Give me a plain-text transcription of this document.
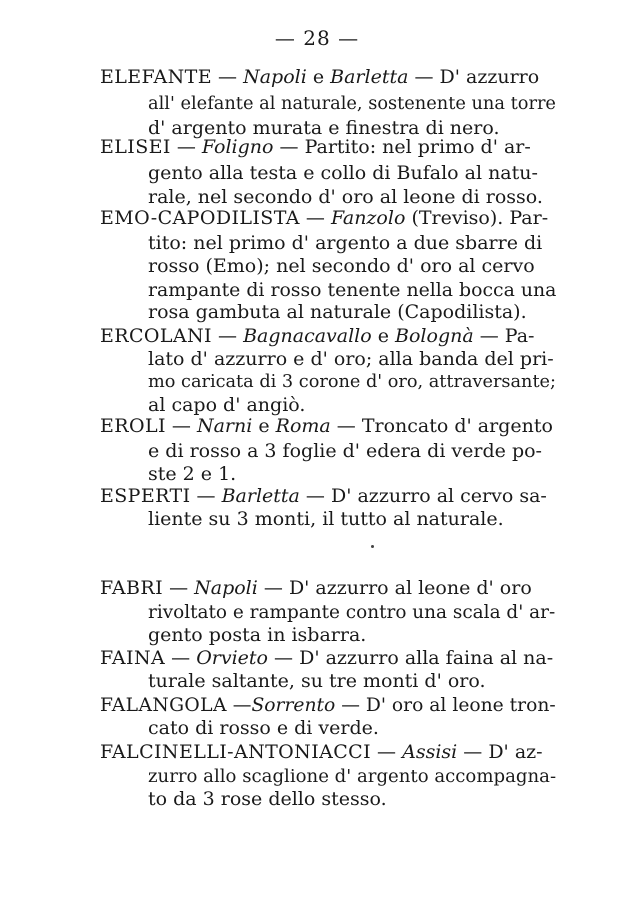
— 28 —
ELEFANTE — Napoli e Barletta — D' azzurro
all' elefante al naturale, sostenente una torre
d' argento murata e finestra di nero.
ELISEI — Foligno — Partito: nel primo d' ar-
gento alla testa e collo di Bufalo al natu-
rale, nel secondo d' oro al leone di rosso.
EMO-CAPODILISTA — Fanzolo (Treviso). Par-
tito: nel primo d' argento a due sbarre di
rosso (Emo); nel secondo d' oro al cervo
rampante di rosso tenente nella bocca una
rosa gambuta al naturale (Capodilista).
ERCOLANI — Bagnacavallo e Bolognà — Pa-
lato d' azzurro e d' oro; alla banda del pri-
mo caricata di 3 corone d' oro, attraversante;
al capo d' angiò.
EROLI — Narni e Roma — Troncato d' argento
e di rosso a 3 foglie d' edera di verde po-
ste 2 e 1.
ESPERTI — Barletta — D' azzurro al cervo sa-
liente su 3 monti, il tutto al naturale.
FABRI — Napoli — D' azzurro al leone d' oro
rivoltato e rampante contro una scala d' ar-
gento posta in isbarra.
FAINA — Orvieto — D' azzurro alla faina al na-
turale saltante, su tre monti d' oro.
FALANGOLA —Sorrento — D' oro al leone tron-
cato di rosso e di verde.
FALCINELLI-ANTONIACCI — Assisi — D' az-
zurro allo scaglione d' argento accompagna-
to da 3 rose dello stesso.
